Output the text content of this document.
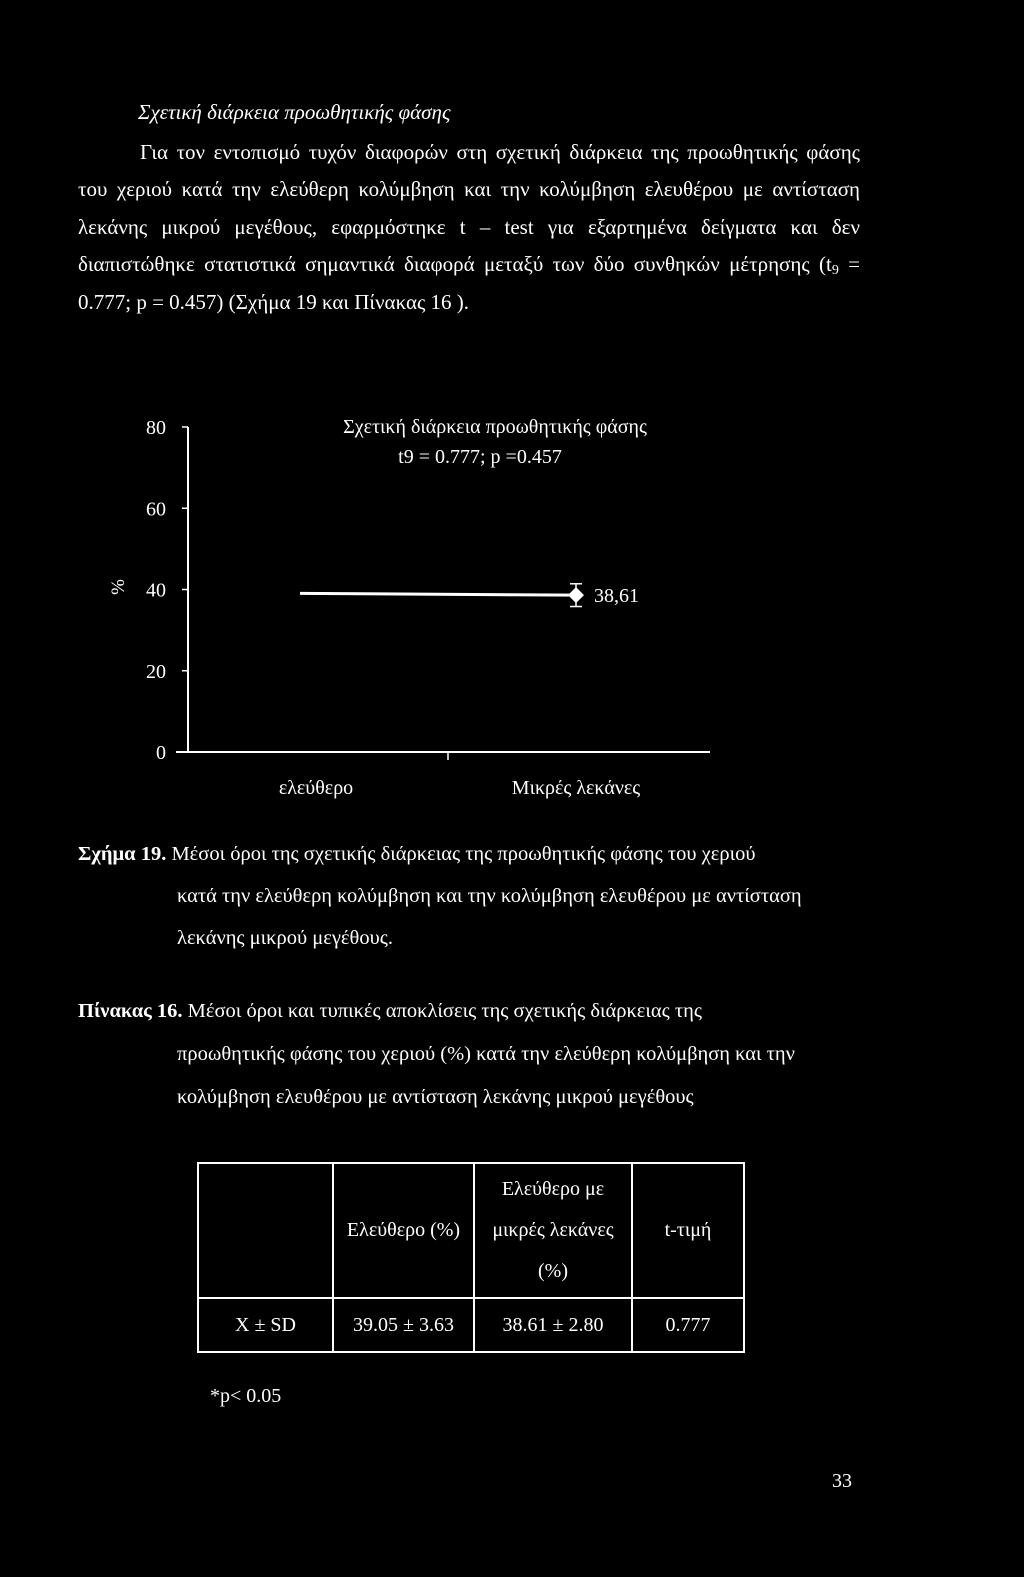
Σχετική διάρκεια προωθητικής φάσης
Για τον εντοπισμό τυχόν διαφορών στη σχετική διάρκεια της προωθητικής φάσης του χεριού κατά την ελεύθερη κολύμβηση και την κολύμβηση ελευθέρου με αντίσταση λεκάνης μικρού μεγέθους, εφαρμόστηκε t – test για εξαρτημένα δείγματα και δεν διαπιστώθηκε στατιστικά σημαντικά διαφορά μεταξύ των δύο συνθηκών μέτρησης ($t_9 = 0.777$; p = 0.457) (Σχήμα 19 και Πίνακας 16 ).
Σχετική διάρκεια προωθητικής φάσης
t9 = 0.777; p =0.457
%
0
20
40
60
80
ελεύθερο	Μικρές λεκάνες
38,61
Σχήμα 19. Μέσοι όροι της σχετικής διάρκειας της προωθητικής φάσης του χεριού
κατά την ελεύθερη κολύμβηση και την κολύμβηση ελευθέρου με αντίσταση λεκάνης μικρού μεγέθους.
Πίνακας 16. Μέσοι όροι και τυπικές αποκλίσεις της σχετικής διάρκειας της
προωθητικής φάσης του χεριού (%) κατά την ελεύθερη κολύμβηση και την κολύμβηση ελευθέρου με αντίσταση λεκάνης μικρού μεγέθους
	Ελεύθερο (%)	Ελεύθερο με μικρές λεκάνες (%)	t-τιμή
X ± SD	39.05 ± 3.63	38.61 ± 2.80	0.777
*p< 0.05
33
